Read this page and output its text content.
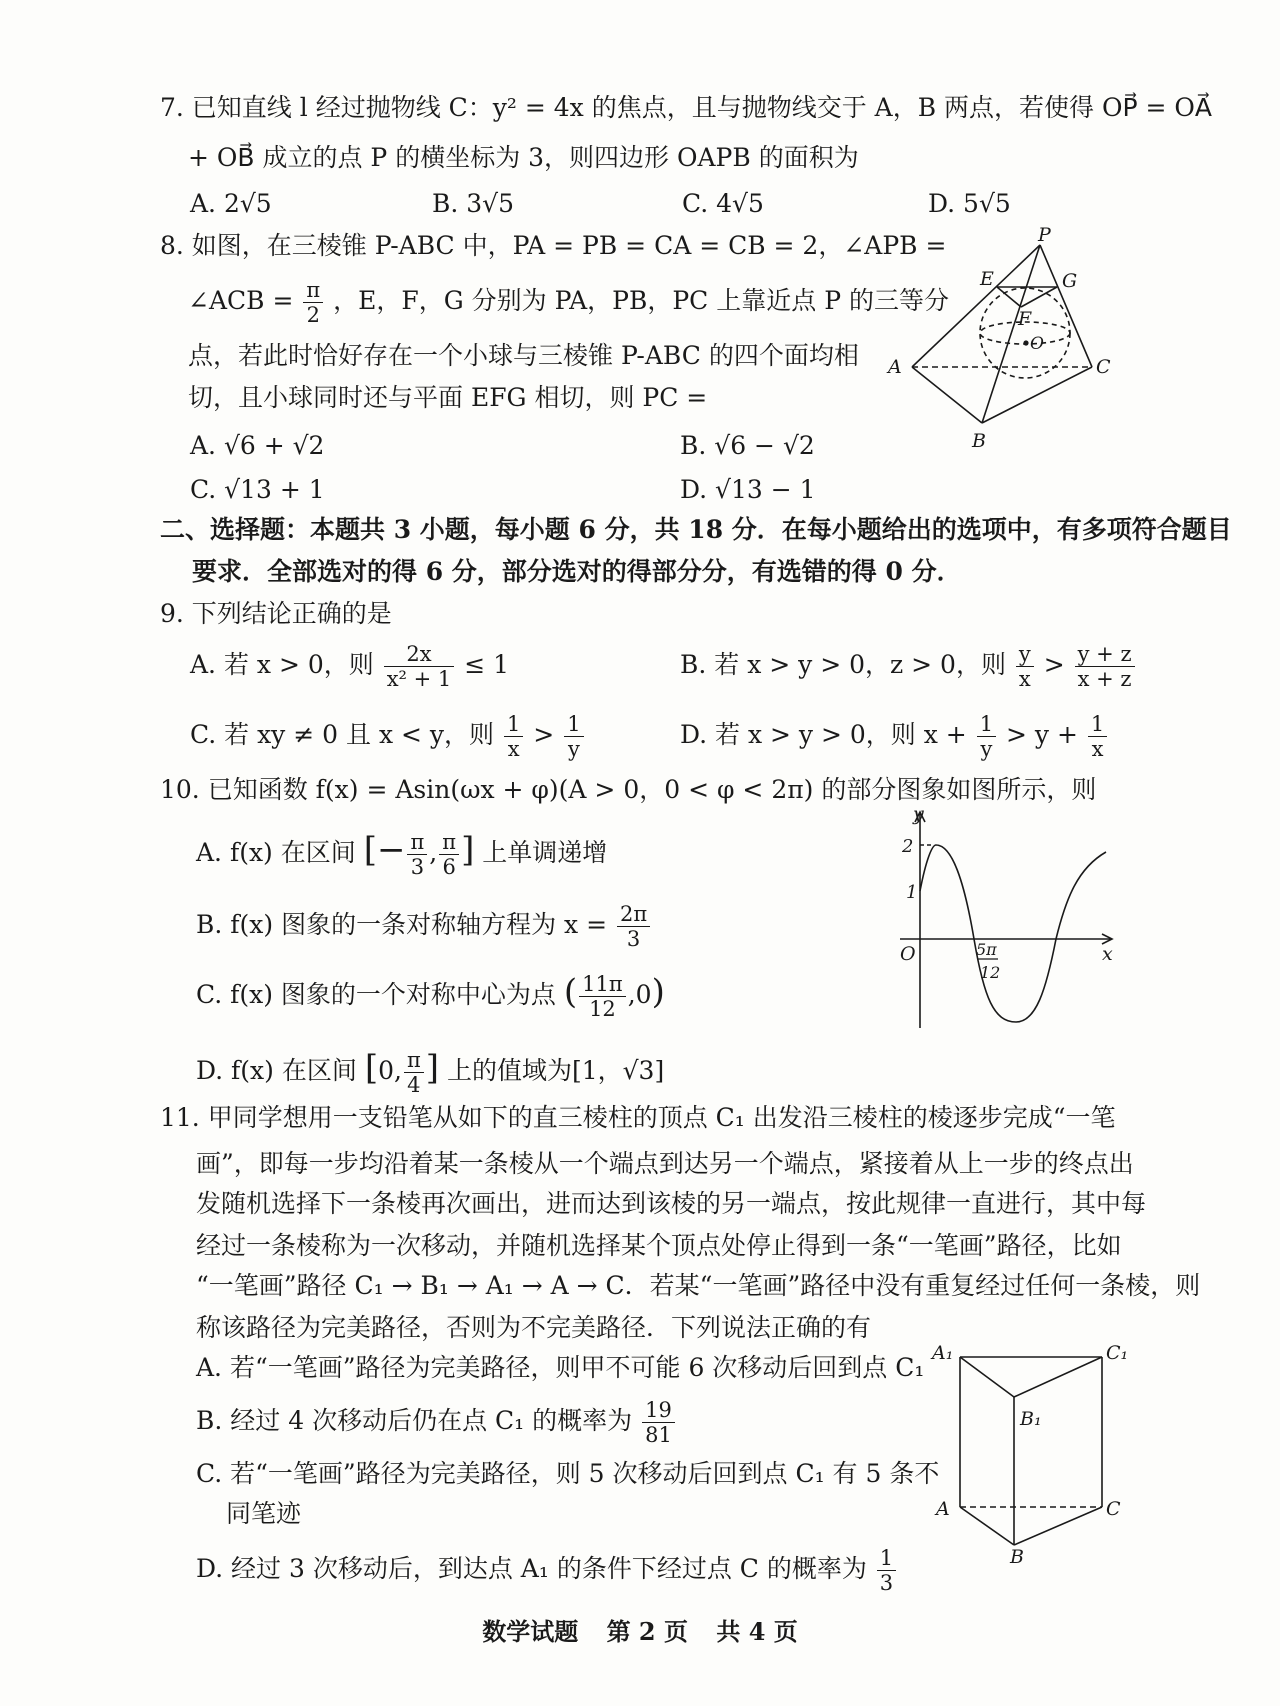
7. 已知直线 l 经过抛物线 C：y² = 4x 的焦点，且与抛物线交于 A，B 两点，若使得 OP⃗ = OA⃗
+ OB⃗ 成立的点 P 的横坐标为 3，则四边形 OAPB 的面积为
A. 2√5	B. 3√5	C. 4√5	D. 5√5
8. 如图，在三棱锥 P-ABC 中，PA = PB = CA = CB = 2，∠APB =
∠ACB = $\frac{\pi}{2}$ ，E，F，G 分别为 PA，PB，PC 上靠近点 P 的三等分
点，若此时恰好存在一个小球与三棱锥 P-ABC 的四个面均相
切，且小球同时还与平面 EFG 相切，则 PC =
A. √6 + √2	B. √6 − √2
C. √13 + 1	D. √13 − 1
P
E	G
F
O
A	C
B
二、选择题：本题共 3 小题，每小题 6 分，共 18 分．在每小题给出的选项中，有多项符合题目
要求．全部选对的得 6 分，部分选对的得部分分，有选错的得 0 分．
9. 下列结论正确的是
A. 若 x > 0，则 $\frac{2x}{\text{x² + 1}} \le 1$	B. 若 x > y > 0，z > 0，则 $\frac{y}{x} > \frac{y + z}{x + z}$
C. 若 xy ≠ 0 且 x < y，则 $\frac{1}{x} > \frac{1}{y}$	D. 若 x > y > 0，则 $x + \frac{1}{y} > y + \frac{1}{x}$
10. 已知函数 f(x) = Asin(ωx + φ)(A > 0，0 < φ < 2π) 的部分图象如图所示，则
A. f(x) 在区间 [− $\frac{\pi}{3}$ , $\frac{\pi}{6}$ ] 上单调递增
B. f(x) 图象的一条对称轴方程为 $x = \frac{2\pi}{3}$
C. f(x) 图象的一个对称中心为点 ( $\frac{11\pi}{12} ,0$)
D. f(x) 在区间 [0, $\frac{\pi}{4}$ ] 上的值域为[1，√3]
y
x
O
2
1
5π
12
11. 甲同学想用一支铅笔从如下的直三棱柱的顶点 C₁ 出发沿三棱柱的棱逐步完成“一笔
画”，即每一步均沿着某一条棱从一个端点到达另一个端点，紧接着从上一步的终点出
发随机选择下一条棱再次画出，进而达到该棱的另一端点，按此规律一直进行，其中每
经过一条棱称为一次移动，并随机选择某个顶点处停止得到一条“一笔画”路径，比如
“一笔画”路径 C₁ → B₁ → A₁ → A → C．若某“一笔画”路径中没有重复经过任何一条棱，则
称该路径为完美路径，否则为不完美路径．下列说法正确的有
A. 若“一笔画”路径为完美路径，则甲不可能 6 次移动后回到点 C₁
B. 经过 4 次移动后仍在点 C₁ 的概率为 $\frac{19}{81}$
C. 若“一笔画”路径为完美路径，则 5 次移动后回到点 C₁ 有 5 条不
同笔迹
D. 经过 3 次移动后，到达点 A₁ 的条件下经过点 C 的概率为 $\frac{1}{3}$
A₁	C₁
B₁
A	C
B
数学试题 第 2 页 共 4 页
